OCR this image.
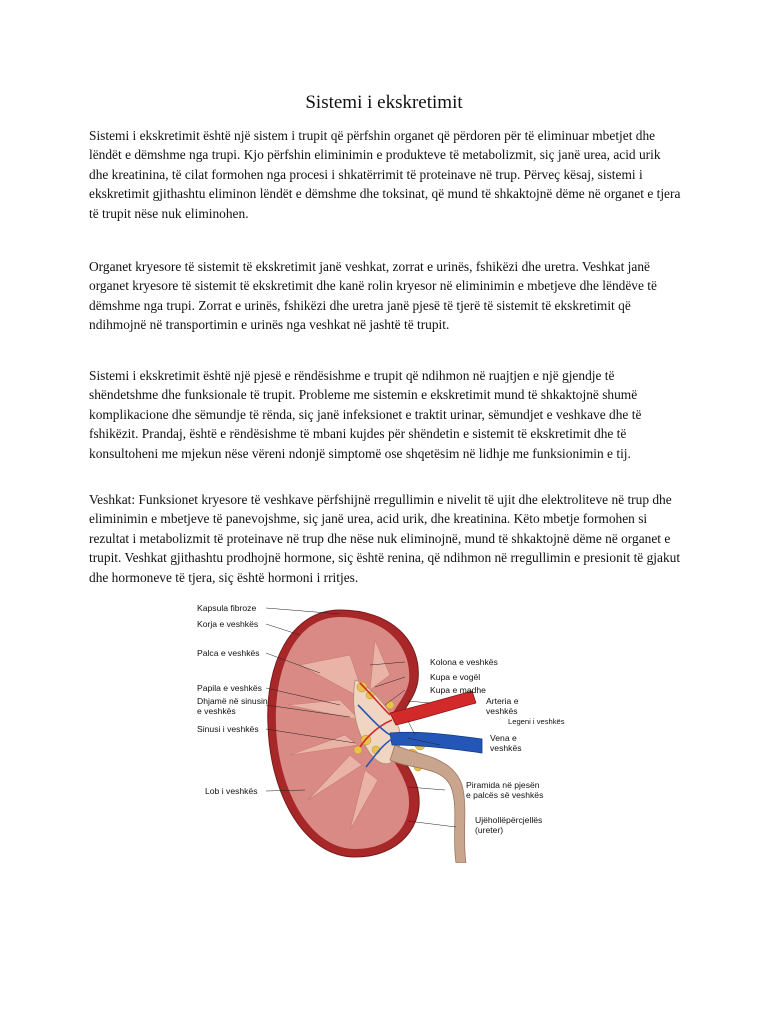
Sistemi i ekskretimit

Sistemi i ekskretimit është një sistem i trupit që përfshin organet që përdoren për të eliminuar mbetjet dhe lëndët e dëmshme nga trupi. Kjo përfshin eliminimin e produkteve të metabolizmit, siç janë urea, acid urik dhe kreatinina, të cilat formohen nga procesi i shkatërrimit të proteinave në trup. Përveç kësaj, sistemi i ekskretimit gjithashtu eliminon lëndët e dëmshme dhe toksinat, që mund të shkaktojnë dëme në organet e tjera të trupit nëse nuk eliminohen.

Organet kryesore të sistemit të ekskretimit janë veshkat, zorrat e urinës, fshikëzi dhe uretra. Veshkat janë organet kryesore të sistemit të ekskretimit dhe kanë rolin kryesor në eliminimin e mbetjeve dhe lëndëve të dëmshme nga trupi. Zorrat e urinës, fshikëzi dhe uretra janë pjesë të tjerë të sistemit të ekskretimit që ndihmojnë në transportimin e urinës nga veshkat në jashtë të trupit.

Sistemi i ekskretimit është një pjesë e rëndësishme e trupit që ndihmon në ruajtjen e një gjendje të shëndetshme dhe funksionale të trupit. Probleme me sistemin e ekskretimit mund të shkaktojnë shumë komplikacione dhe sëmundje të rënda, siç janë infeksionet e traktit urinar, sëmundjet e veshkave dhe të fshikëzit. Prandaj, është e rëndësishme të mbani kujdes për shëndetin e sistemit të ekskretimit dhe të konsultoheni me mjekun nëse vëreni ndonjë simptomë ose shqetësim në lidhje me funksionimin e tij.

Veshkat: Funksionet kryesore të veshkave përfshijnë rregullimin e nivelit të ujit dhe elektroliteve në trup dhe eliminimin e mbetjeve të panevojshme, siç janë urea, acid urik, dhe kreatinina. Këto mbetje formohen si rezultat i metabolizmit të proteinave në trup dhe nëse nuk eliminojnë, mund të shkaktojnë dëme në organet e trupit. Veshkat gjithashtu prodhojnë hormone, siç është renina, që ndihmon në rregullimin e presionit të gjakut dhe hormoneve të tjera, siç është hormoni i rritjes.

Kapsula fibroze
Korja e veshkës
Palca e veshkës
Papila e veshkës
Dhjamë në sinusin
e veshkës
Sinusi i veshkës
Lob i veshkës
Kolona e veshkës
Kupa e vogël
Kupa e madhe
Arteria e
veshkës
Legeni i veshkës
Vena e
veshkës
Piramida në pjesën
e palcës së veshkës
Ujëhollëpërcjellës
(ureter)
